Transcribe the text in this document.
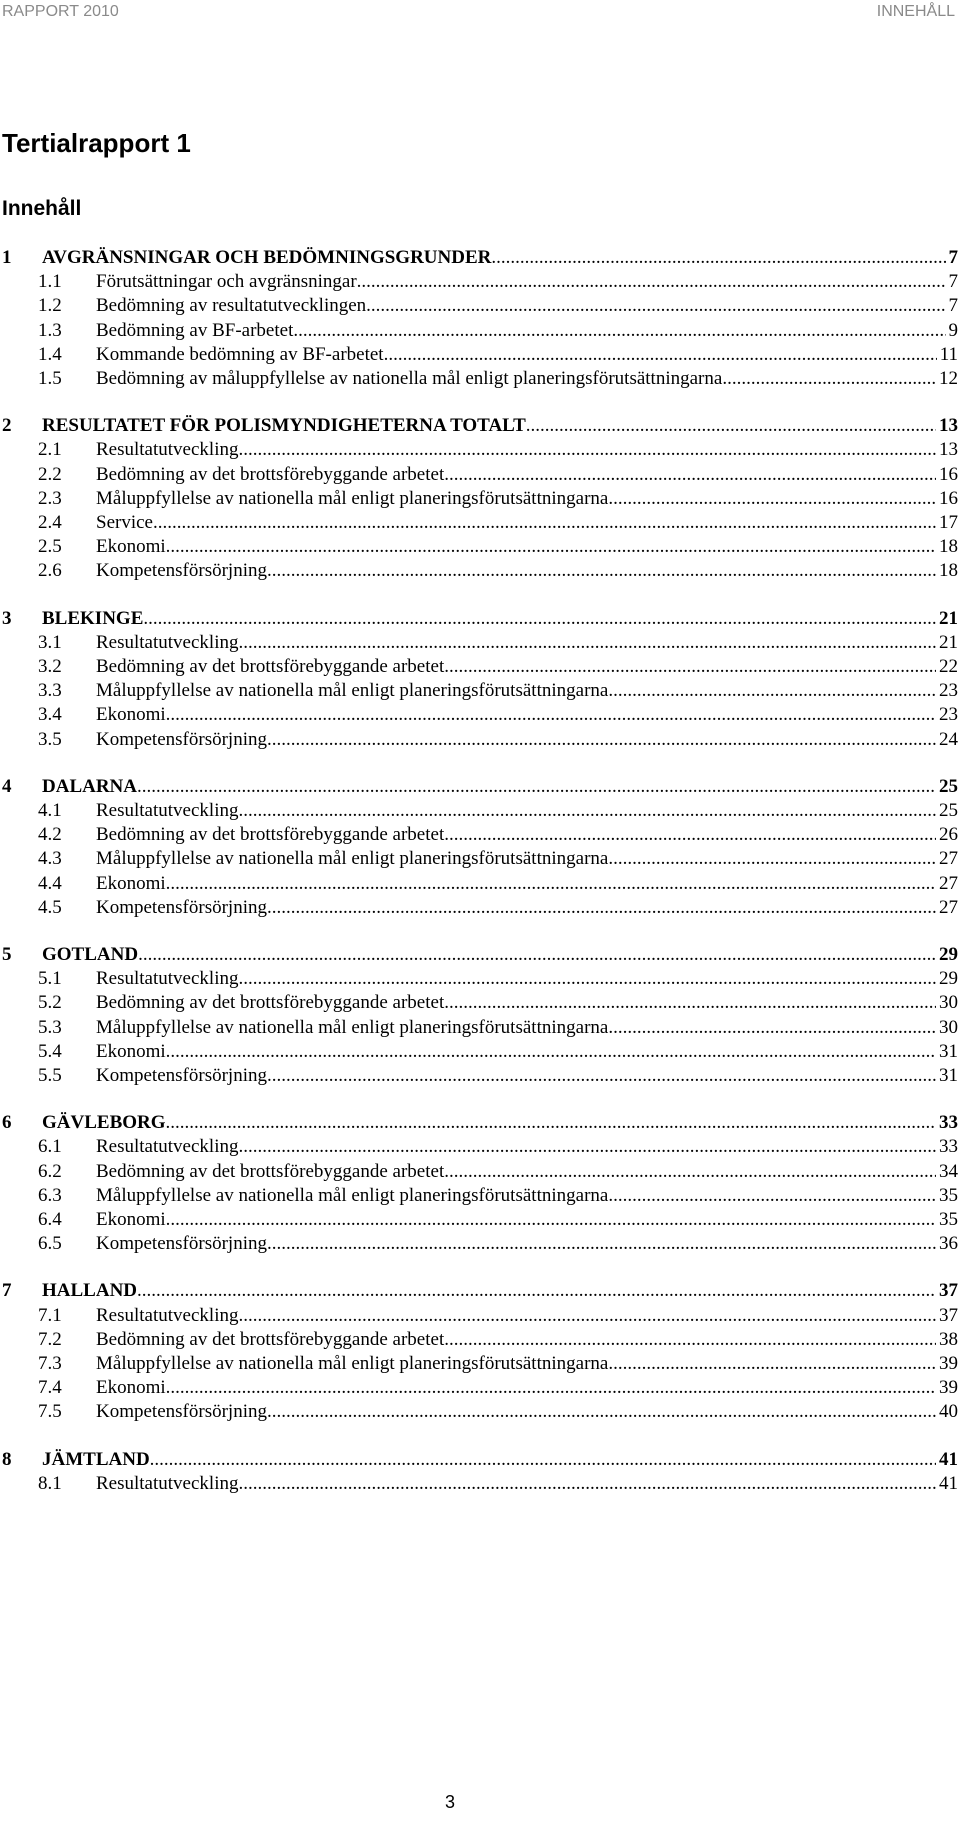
RAPPORT 2010	INNEHÅLL
Tertialrapport 1
Innehåll
1	AVGRÄNSNINGAR OCH BEDÖMNINGSGRUNDER .....	7
1.1	Förutsättningar och avgränsningar .....	7
1.2	Bedömning av resultatutvecklingen .....	7
1.3	Bedömning av BF-arbetet .....	9
1.4	Kommande bedömning av BF-arbetet .....	11
1.5	Bedömning av måluppfyllelse av nationella mål enligt planeringsförutsättningarna .....	12
2	RESULTATET FÖR POLISMYNDIGHETERNA TOTALT .....	13
2.1	Resultatutveckling .....	13
2.2	Bedömning av det brottsförebyggande arbetet .....	16
2.3	Måluppfyllelse av nationella mål enligt planeringsförutsättningarna .....	16
2.4	Service .....	17
2.5	Ekonomi .....	18
2.6	Kompetensförsörjning .....	18
3	BLEKINGE .....	21
3.1	Resultatutveckling .....	21
3.2	Bedömning av det brottsförebyggande arbetet .....	22
3.3	Måluppfyllelse av nationella mål enligt planeringsförutsättningarna .....	23
3.4	Ekonomi .....	23
3.5	Kompetensförsörjning .....	24
4	DALARNA .....	25
4.1	Resultatutveckling .....	25
4.2	Bedömning av det brottsförebyggande arbetet .....	26
4.3	Måluppfyllelse av nationella mål enligt planeringsförutsättningarna .....	27
4.4	Ekonomi .....	27
4.5	Kompetensförsörjning .....	27
5	GOTLAND .....	29
5.1	Resultatutveckling .....	29
5.2	Bedömning av det brottsförebyggande arbetet .....	30
5.3	Måluppfyllelse av nationella mål enligt planeringsförutsättningarna .....	30
5.4	Ekonomi .....	31
5.5	Kompetensförsörjning .....	31
6	GÄVLEBORG .....	33
6.1	Resultatutveckling .....	33
6.2	Bedömning av det brottsförebyggande arbetet .....	34
6.3	Måluppfyllelse av nationella mål enligt planeringsförutsättningarna .....	35
6.4	Ekonomi .....	35
6.5	Kompetensförsörjning .....	36
7	HALLAND .....	37
7.1	Resultatutveckling .....	37
7.2	Bedömning av det brottsförebyggande arbetet .....	38
7.3	Måluppfyllelse av nationella mål enligt planeringsförutsättningarna .....	39
7.4	Ekonomi .....	39
7.5	Kompetensförsörjning .....	40
8	JÄMTLAND .....	41
8.1	Resultatutveckling .....	41
3
